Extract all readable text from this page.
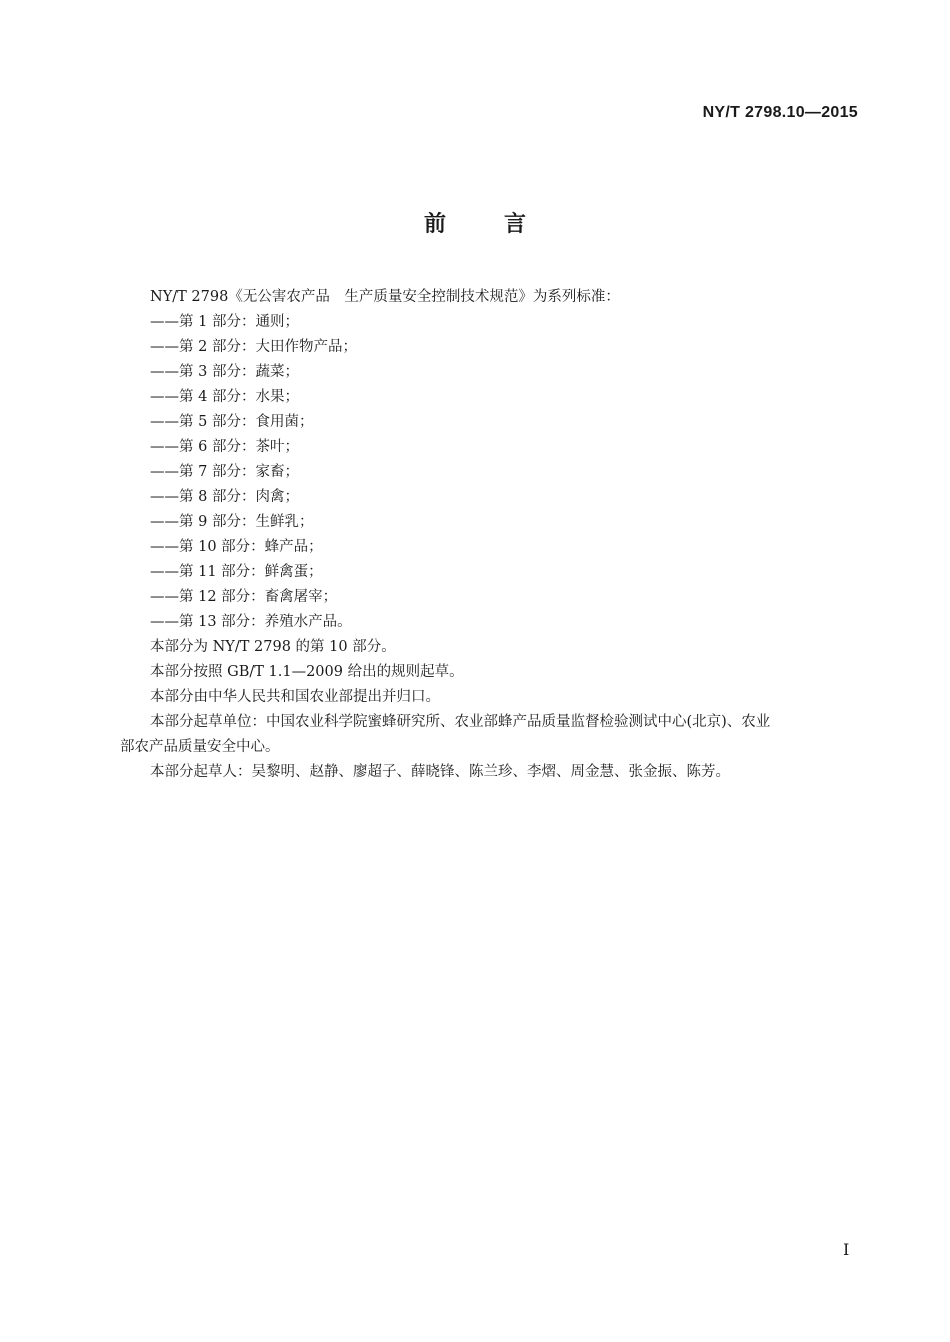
NY/T 2798.10—2015
前言

NY/T 2798《无公害农产品　生产质量安全控制技术规范》为系列标准：

——第 1 部分：通则；

——第 2 部分：大田作物产品；

——第 3 部分：蔬菜；

——第 4 部分：水果；

——第 5 部分：食用菌；

——第 6 部分：茶叶；

——第 7 部分：家畜；

——第 8 部分：肉禽；

——第 9 部分：生鲜乳；

——第 10 部分：蜂产品；

——第 11 部分：鲜禽蛋；

——第 12 部分：畜禽屠宰；

——第 13 部分：养殖水产品。

本部分为 NY/T 2798 的第 10 部分。

本部分按照 GB/T 1.1—2009 给出的规则起草。

本部分由中华人民共和国农业部提出并归口。

本部分起草单位：中国农业科学院蜜蜂研究所、农业部蜂产品质量监督检验测试中心(北京)、农业

部农产品质量安全中心。

本部分起草人：吴黎明、赵静、廖超子、薛晓锋、陈兰珍、李熠、周金慧、张金振、陈芳。

I
